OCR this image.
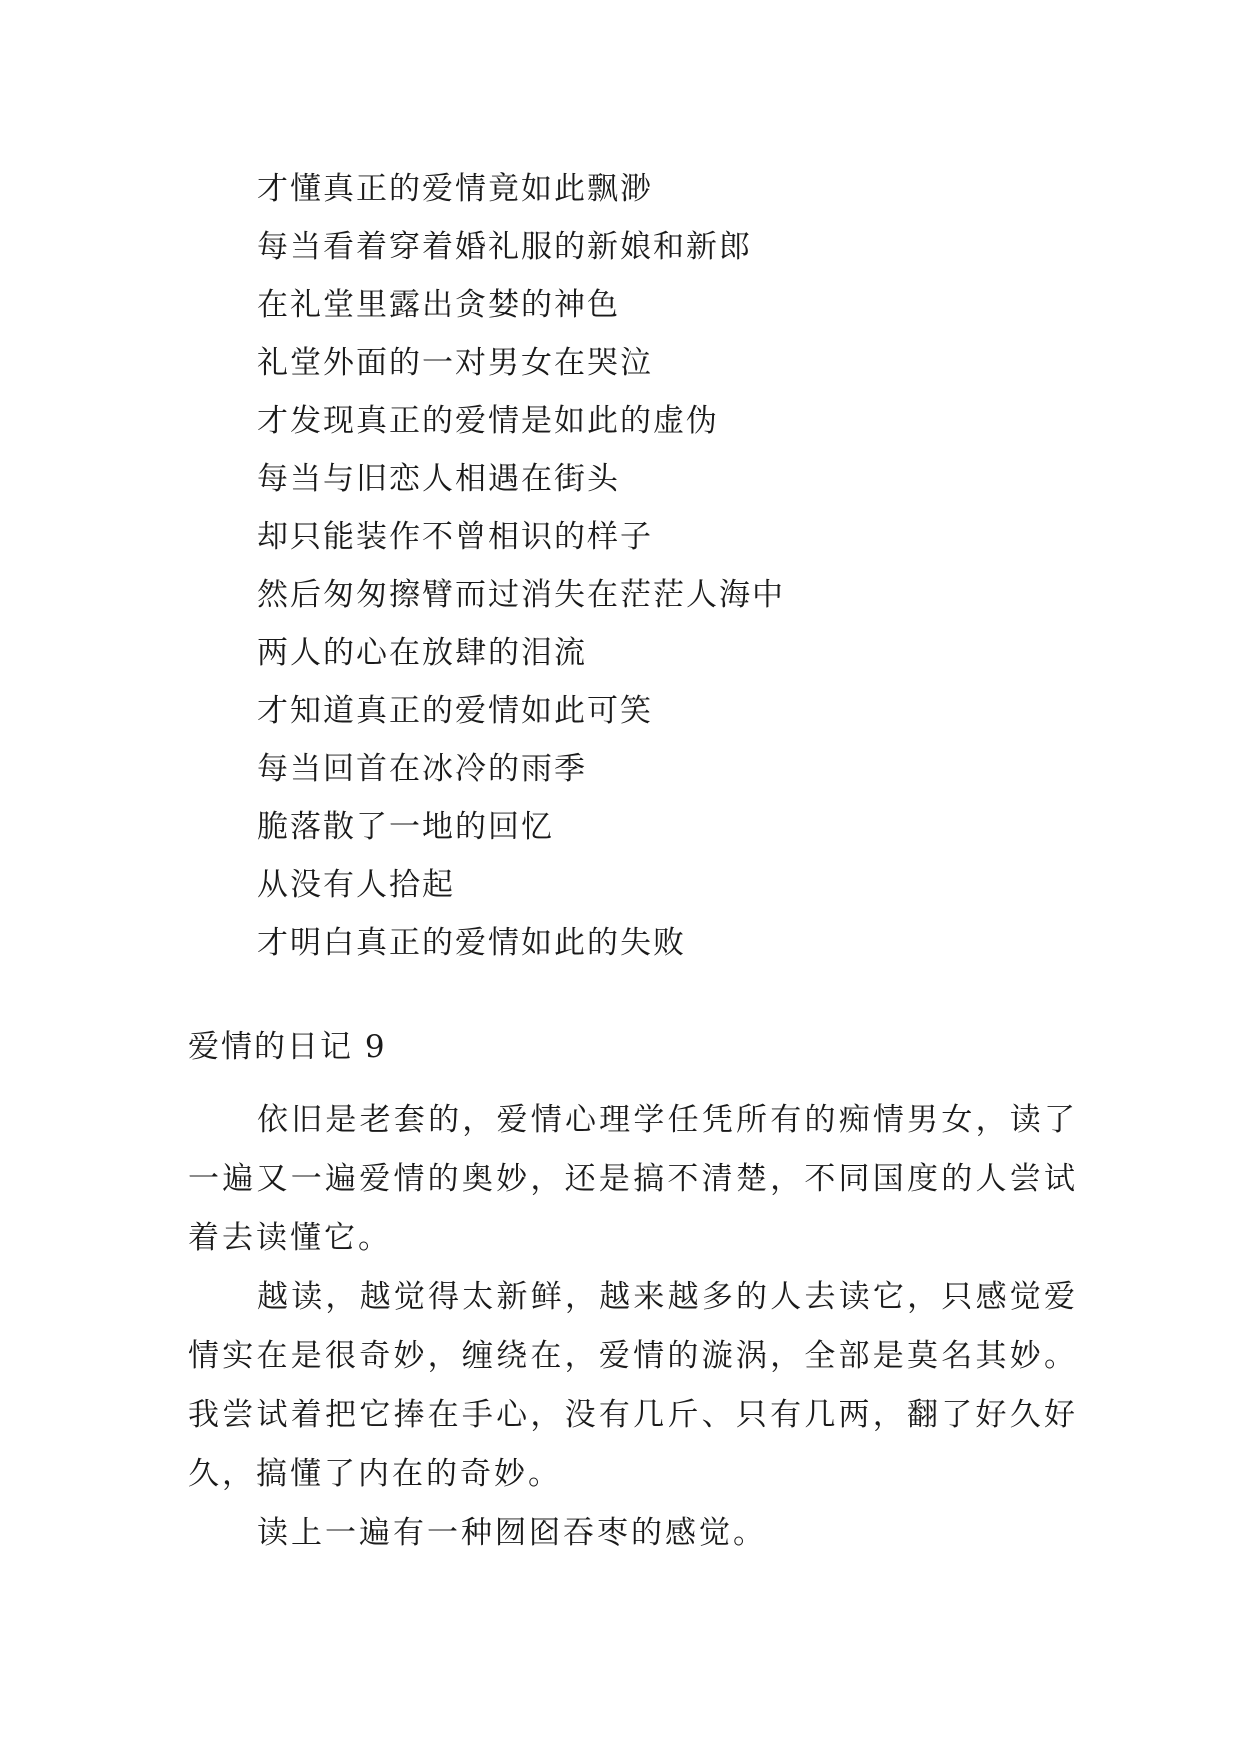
才懂真正的爱情竟如此飘渺
每当看着穿着婚礼服的新娘和新郎
在礼堂里露出贪婪的神色
礼堂外面的一对男女在哭泣
才发现真正的爱情是如此的虚伪
每当与旧恋人相遇在街头
却只能装作不曾相识的样子
然后匆匆擦臂而过消失在茫茫人海中
两人的心在放肆的泪流
才知道真正的爱情如此可笑
每当回首在冰冷的雨季
脆落散了一地的回忆
从没有人拾起
才明白真正的爱情如此的失败
爱情的日记 9

依旧是老套的，爱情心理学任凭所有的痴情男女，读了一遍又一遍爱情的奥妙，还是搞不清楚，不同国度的人尝试着去读懂它。

越读，越觉得太新鲜，越来越多的人去读它，只感觉爱情实在是很奇妙，缠绕在，爱情的漩涡，全部是莫名其妙。我尝试着把它捧在手心，没有几斤、只有几两，翻了好久好久，搞懂了内在的奇妙。

读上一遍有一种囫囵吞枣的感觉。
